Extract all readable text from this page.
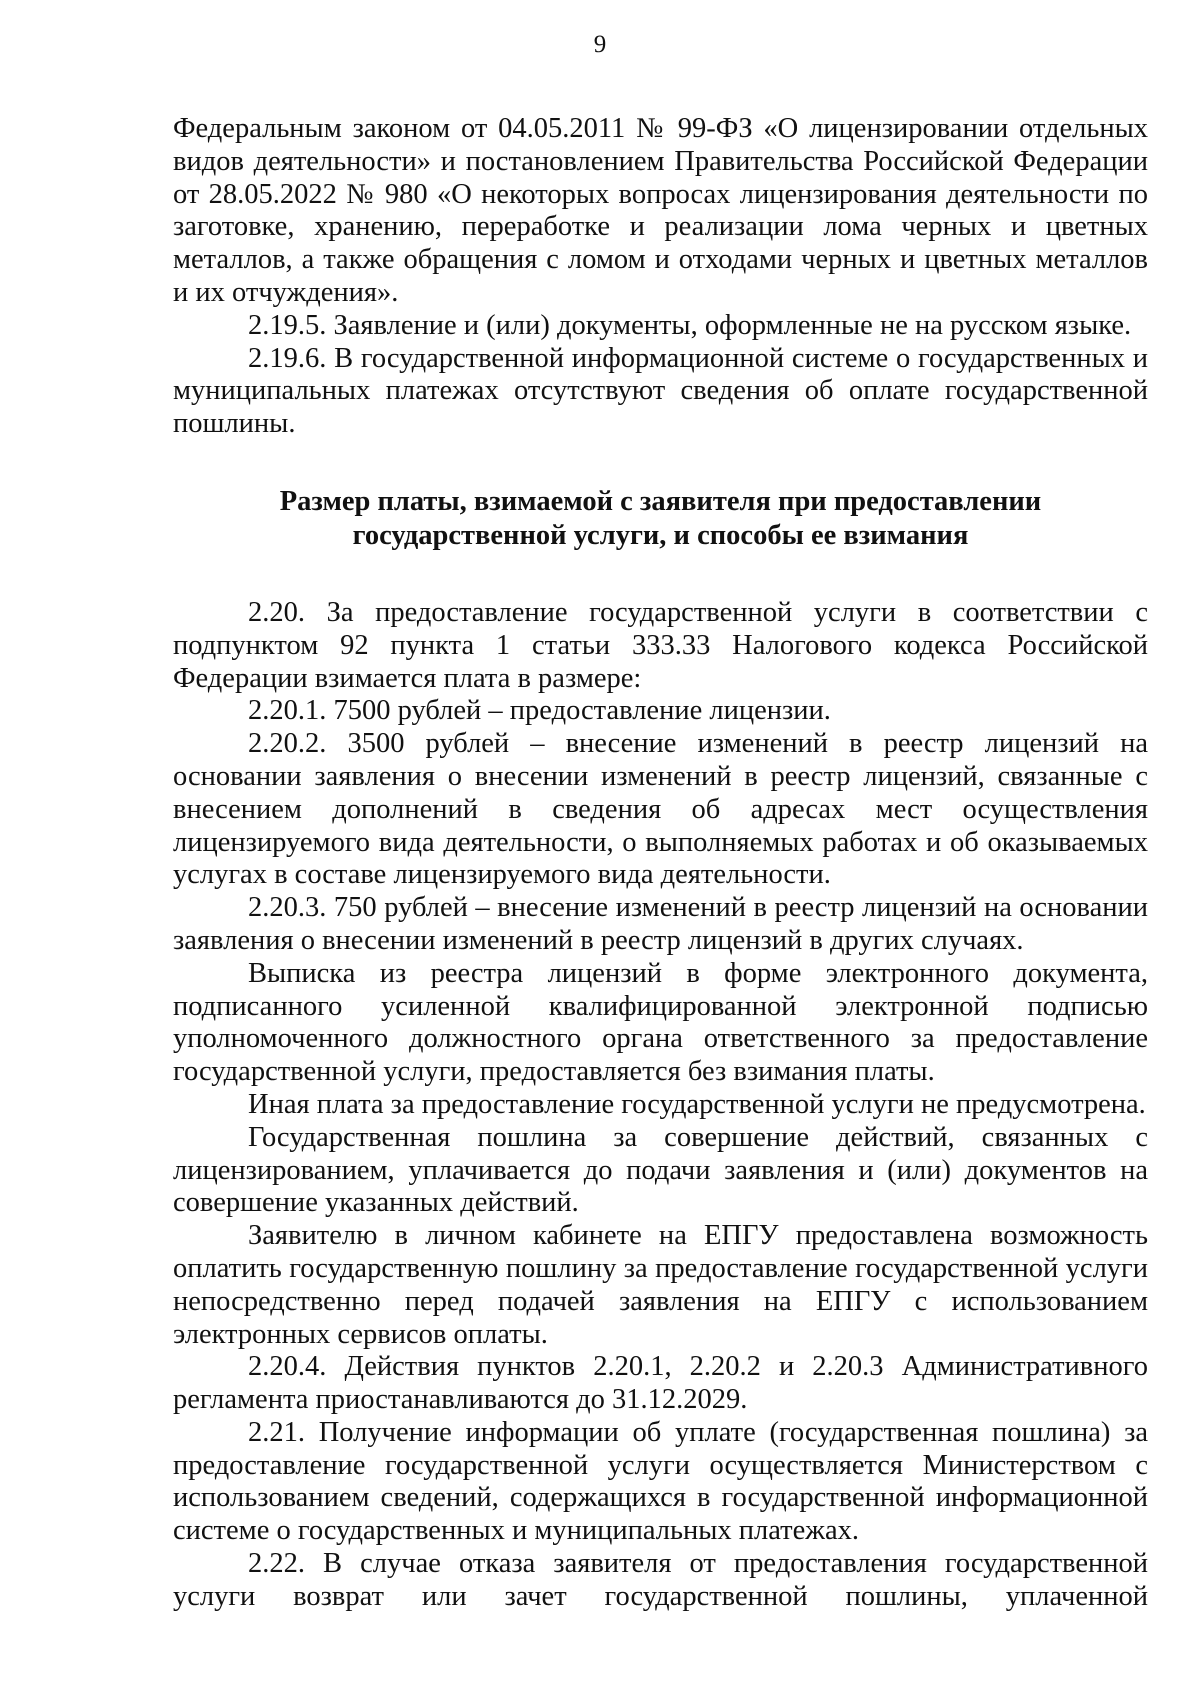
9

Федеральным законом от 04.05.2011 № 99-ФЗ «О лицензировании отдельных видов деятельности» и постановлением Правительства Российской Федерации от 28.05.2022 № 980 «О некоторых вопросах лицензирования деятельности по заготовке, хранению, переработке и реализации лома черных и цветных металлов, а также обращения с ломом и отходами черных и цветных металлов и их отчуждения».

2.19.5. Заявление и (или) документы, оформленные не на русском языке.

2.19.6. В государственной информационной системе о государственных и муниципальных платежах отсутствуют сведения об оплате государственной пошлины.

Размер платы, взимаемой с заявителя при предоставлении
государственной услуги, и способы ее взимания

2.20. За предоставление государственной услуги в соответствии с подпунктом 92 пункта 1 статьи 333.33 Налогового кодекса Российской Федерации взимается плата в размере:

2.20.1. 7500 рублей – предоставление лицензии.

2.20.2. 3500 рублей – внесение изменений в реестр лицензий на основании заявления о внесении изменений в реестр лицензий, связанные с внесением дополнений в сведения об адресах мест осуществления лицензируемого вида деятельности, о выполняемых работах и об оказываемых услугах в составе лицензируемого вида деятельности.

2.20.3. 750 рублей – внесение изменений в реестр лицензий на основании заявления о внесении изменений в реестр лицензий в других случаях.

Выписка из реестра лицензий в форме электронного документа, подписанного усиленной квалифицированной электронной подписью уполномоченного должностного органа ответственного за предоставление государственной услуги, предоставляется без взимания платы.

Иная плата за предоставление государственной услуги не предусмотрена.

Государственная пошлина за совершение действий, связанных с лицензированием, уплачивается до подачи заявления и (или) документов на совершение указанных действий.

Заявителю в личном кабинете на ЕПГУ предоставлена возможность оплатить государственную пошлину за предоставление государственной услуги непосредственно перед подачей заявления на ЕПГУ с использованием электронных сервисов оплаты.

2.20.4. Действия пунктов 2.20.1, 2.20.2 и 2.20.3 Административного регламента приостанавливаются до 31.12.2029.

2.21. Получение информации об уплате (государственная пошлина) за предоставление государственной услуги осуществляется Министерством с использованием сведений, содержащихся в государственной информационной системе о государственных и муниципальных платежах.

2.22. В случае отказа заявителя от предоставления государственной услуги возврат или зачет государственной пошлины, уплаченной
